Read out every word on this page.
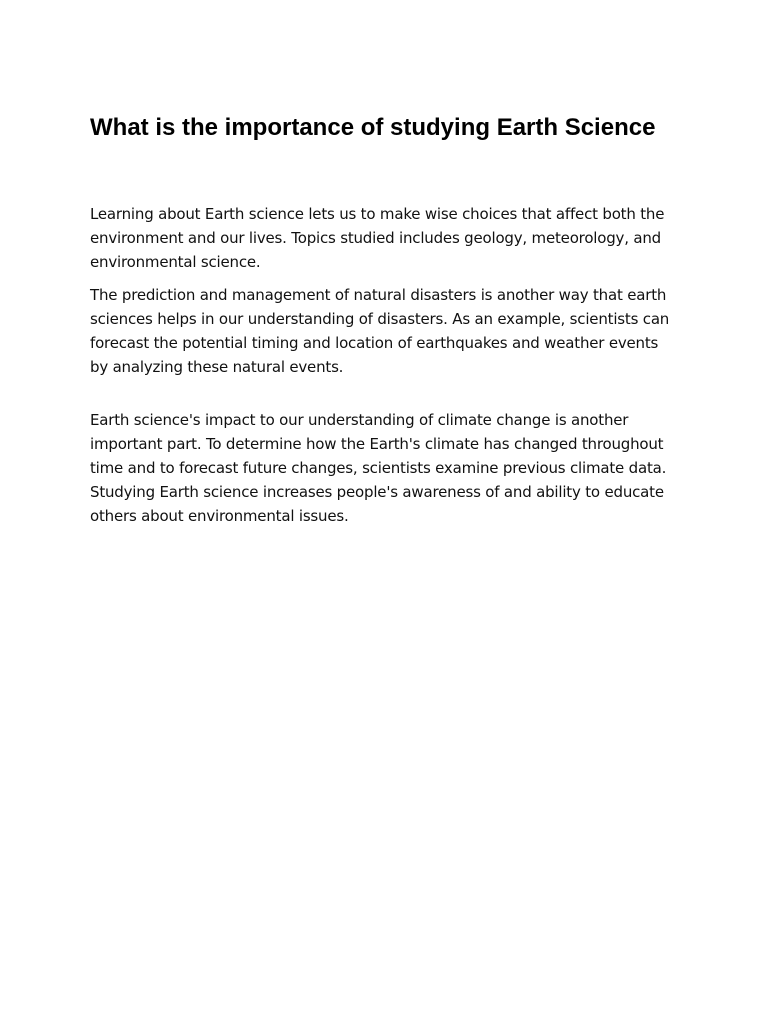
What is the importance of studying Earth Science

Learning about Earth science lets us to make wise choices that affect both the environment and our lives. Topics studied includes geology, meteorology, and environmental science.

The prediction and management of natural disasters is another way that earth sciences helps in our understanding of disasters. As an example, scientists can forecast the potential timing and location of earthquakes and weather events by analyzing these natural events.

Earth science's impact to our understanding of climate change is another important part. To determine how the Earth's climate has changed throughout time and to forecast future changes, scientists examine previous climate data. Studying Earth science increases people's awareness of and ability to educate others about environmental issues.
